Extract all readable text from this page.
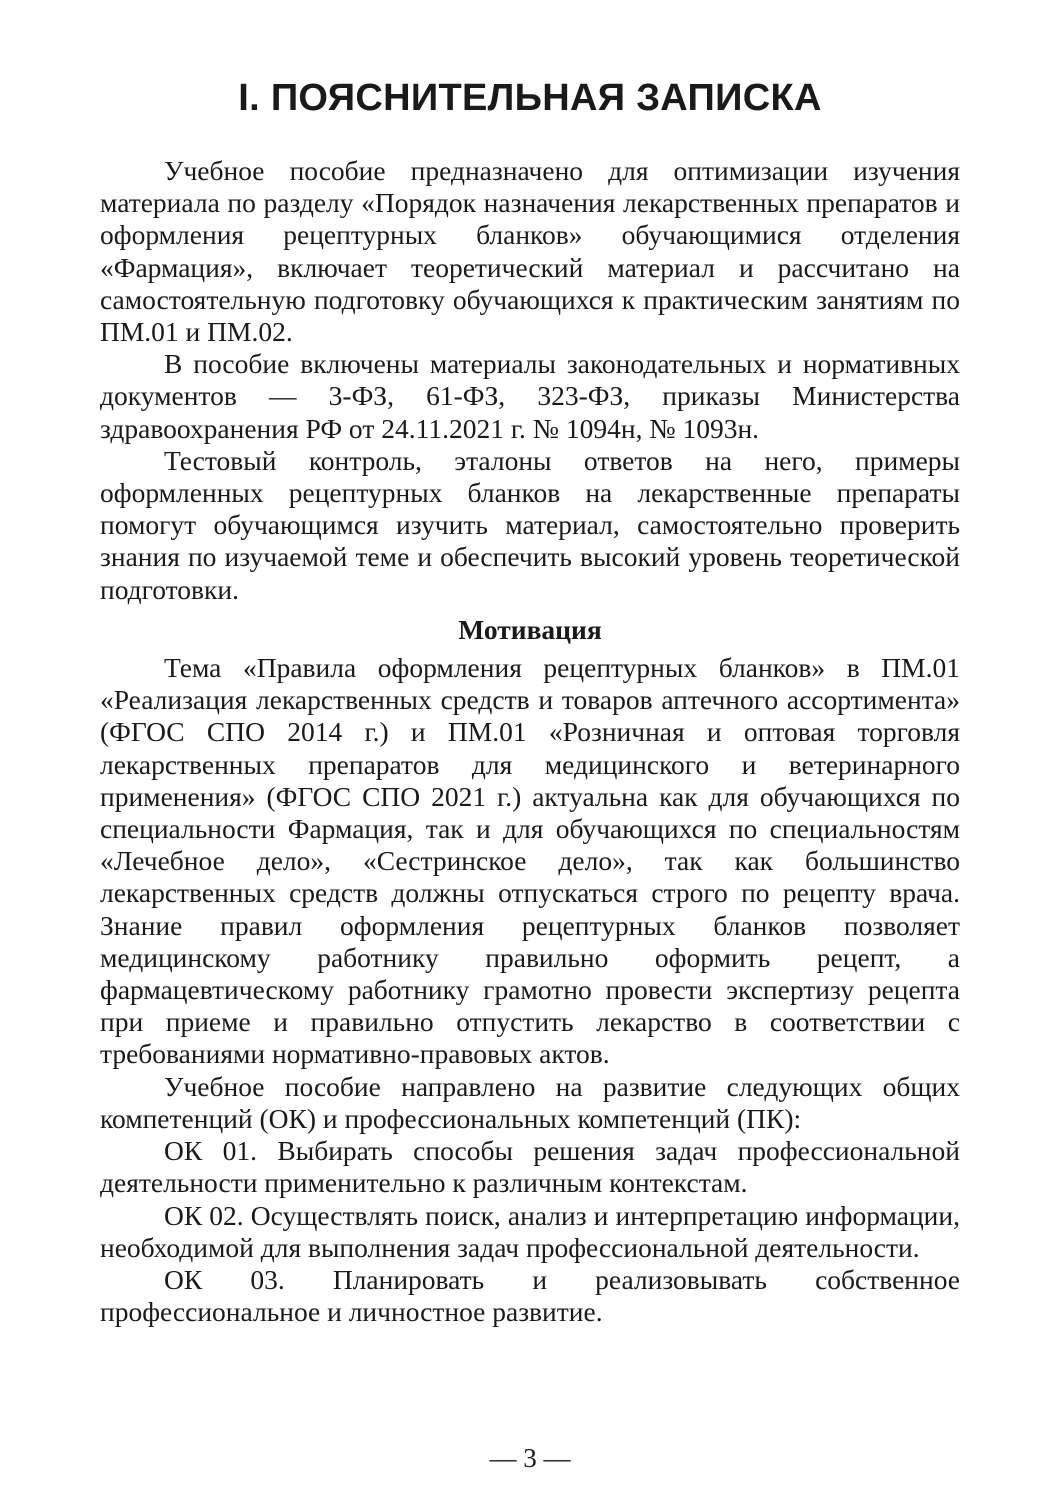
I. ПОЯСНИТЕЛЬНАЯ ЗАПИСКА

Учебное пособие предназначено для оптимизации изучения материала по разделу «Порядок назначения лекарственных препаратов и оформления рецептурных бланков» обучающимися отделения «Фармация», включает теоретический материал и рассчитано на самостоятельную подготовку обучающихся к практическим занятиям по ПМ.01 и ПМ.02.

В пособие включены материалы законодательных и нормативных документов — 3-ФЗ, 61-ФЗ, 323-ФЗ, приказы Министерства здравоохранения РФ от 24.11.2021 г. № 1094н, № 1093н.

Тестовый контроль, эталоны ответов на него, примеры оформленных рецептурных бланков на лекарственные препараты помогут обучающимся изучить материал, самостоятельно проверить знания по изучаемой теме и обеспечить высокий уровень теоретической подготовки.

Мотивация

Тема «Правила оформления рецептурных бланков» в ПМ.01 «Реализация лекарственных средств и товаров аптечного ассортимента» (ФГОС СПО 2014 г.) и ПМ.01 «Розничная и оптовая торговля лекарственных препаратов для медицинского и ветеринарного применения» (ФГОС СПО 2021 г.) актуальна как для обучающихся по специальности Фармация, так и для обучающихся по специальностям «Лечебное дело», «Сестринское дело», так как большинство лекарственных средств должны отпускаться строго по рецепту врача. Знание правил оформления рецептурных бланков позволяет медицинскому работнику правильно оформить рецепт, а фармацевтическому работнику грамотно провести экспертизу рецепта при приеме и правильно отпустить лекарство в соответствии с требованиями нормативно-правовых актов.

Учебное пособие направлено на развитие следующих общих компетенций (ОК) и профессиональных компетенций (ПК):

ОК 01. Выбирать способы решения задач профессиональной деятельности применительно к различным контекстам.

ОК 02. Осуществлять поиск, анализ и интерпретацию информации, необходимой для выполнения задач профессиональной деятельности.

ОК 03. Планировать и реализовывать собственное профессиональное и личностное развитие.

— 3 —
